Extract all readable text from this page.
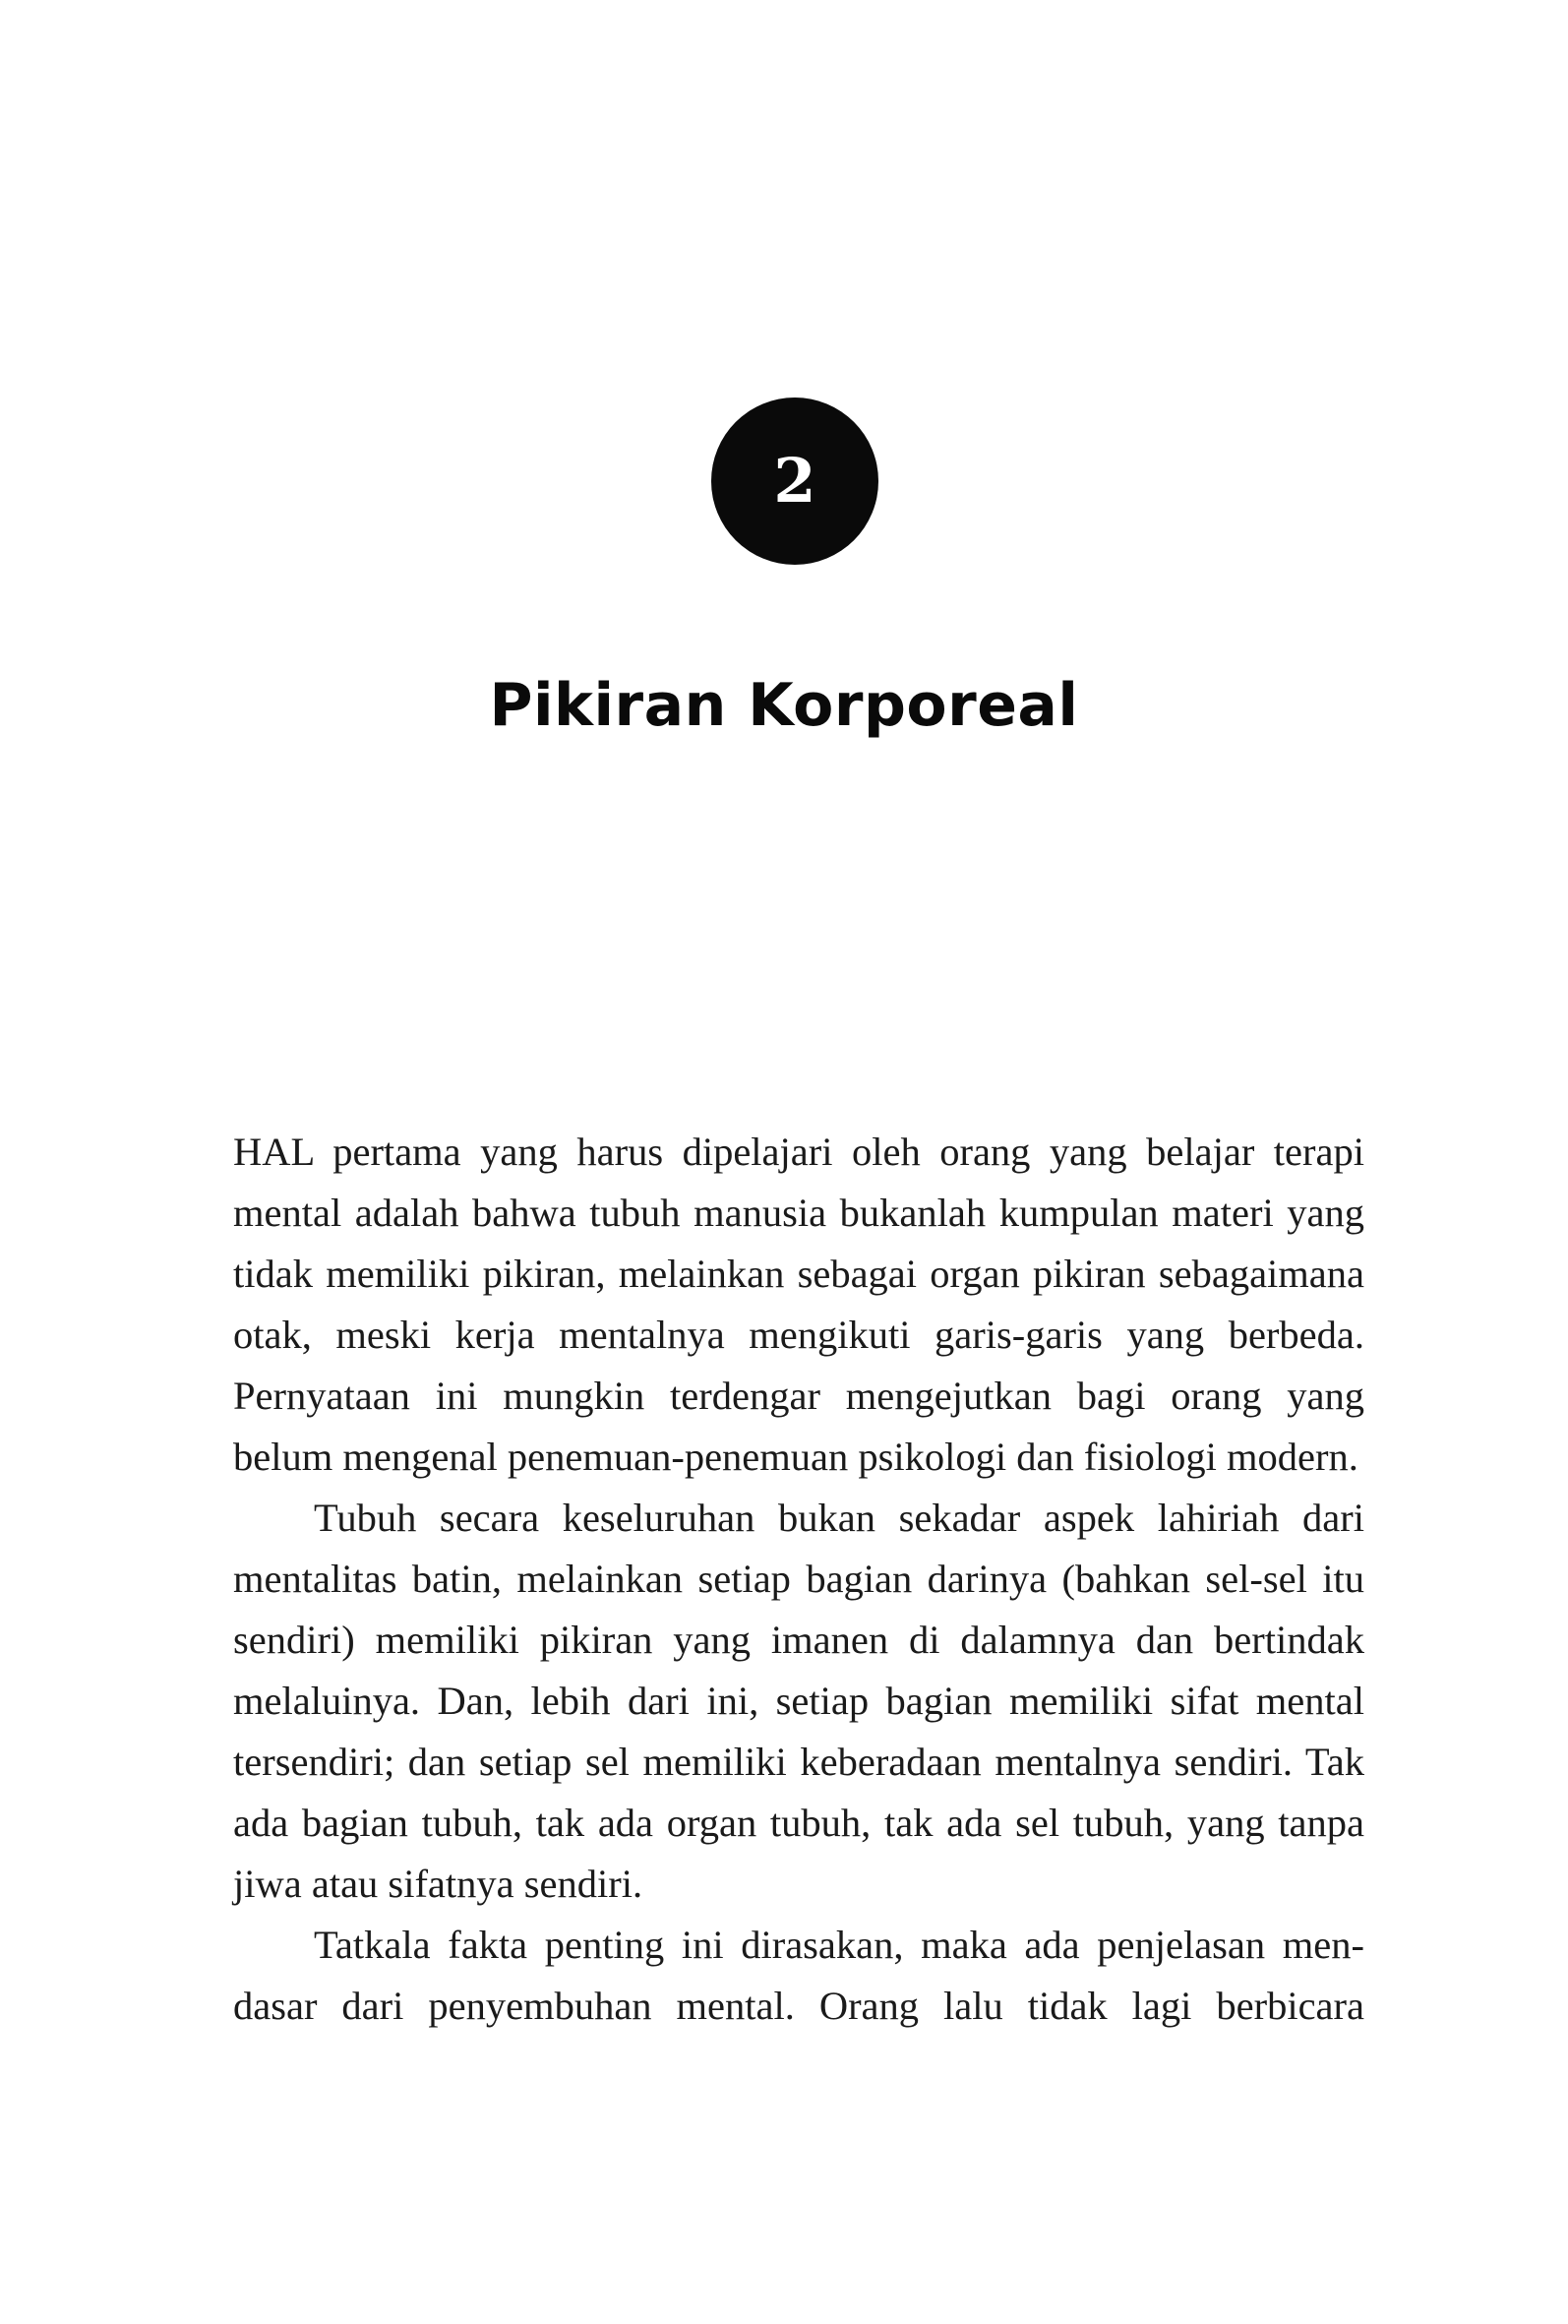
2
Pikiran Korporeal

HAL pertama yang harus dipelajari oleh orang yang belajar terapi mental adalah bahwa tubuh manusia bukanlah kumpulan materi yang tidak memiliki pikiran, melainkan sebagai organ pikiran sebagaimana otak, meski kerja mentalnya mengikuti garis-garis yang berbeda. Pernyataan ini mungkin terdengar mengejutkan bagi orang yang belum mengenal penemuan-penemuan psikologi dan fisiologi modern.

Tubuh secara keseluruhan bukan sekadar aspek lahiriah dari mentalitas batin, melainkan setiap bagian darinya (bahkan sel-sel itu sendiri) memiliki pikiran yang imanen di dalamnya dan bertindak melaluinya. Dan, lebih dari ini, setiap bagian memiliki sifat mental tersendiri; dan setiap sel memiliki keberadaan mentalnya sendiri. Tak ada bagian tubuh, tak ada organ tubuh, tak ada sel tubuh, yang tanpa jiwa atau sifatnya sendiri.

Tatkala fakta penting ini dirasakan, maka ada penjelasan mendasar dari penyembuhan mental. Orang lalu tidak lagi berbicara
